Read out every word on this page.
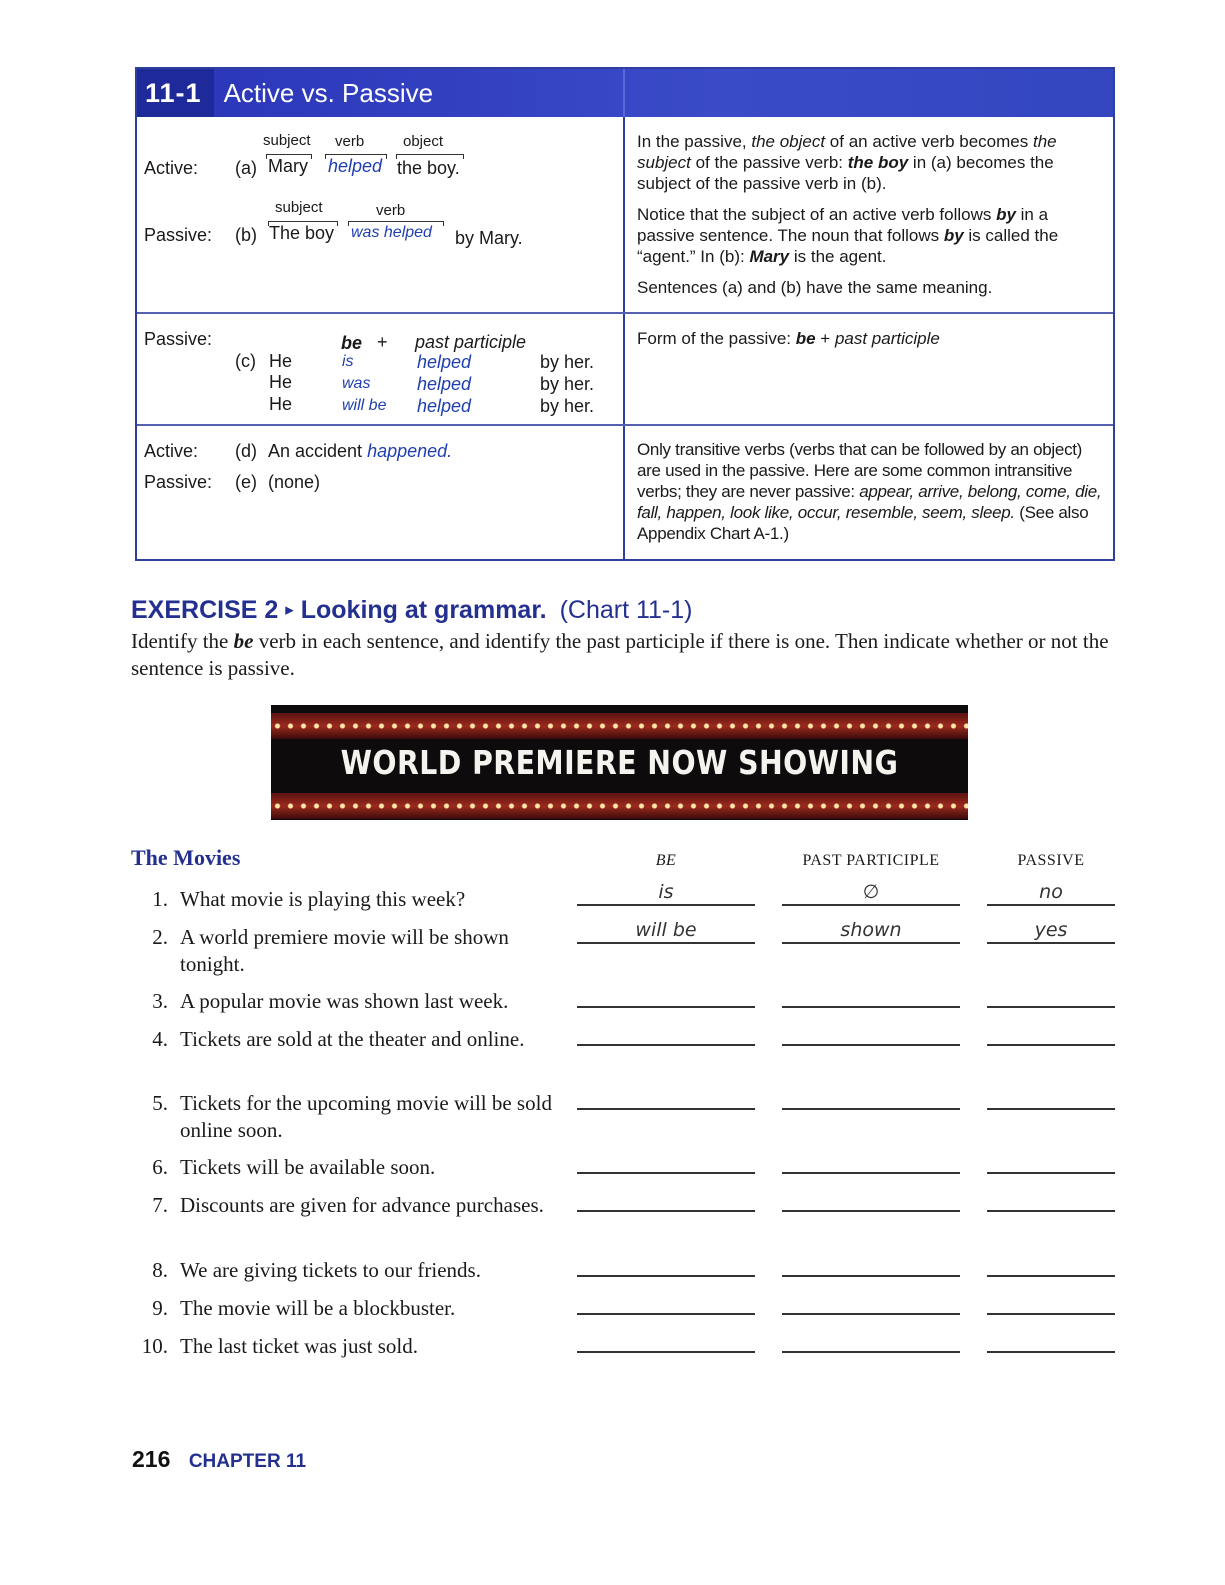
11-1 Active vs. Passive
subject verb	object
Active: (a) Mary helped the boy.
subject	verb
Passive: (b) The boy was helped by Mary.

In the passive, the object of an active verb becomes the subject of the passive verb: the boy in (a) becomes the subject of the passive verb in (b).

Notice that the subject of an active verb follows by in a passive sentence. The noun that follows by is called the “agent.” In (b): Mary is the agent.

Sentences (a) and (b) have the same meaning.

Passive:	be + past participle
(c) He	is	helped	by her.
He	was	helped	by her.
He	will be helped	by her.

Form of the passive: be + past participle

Active: (d) An accident happened.
Passive: (e) (none)

Only transitive verbs (verbs that can be followed by an object) are used in the passive. Here are some common intransitive verbs; they are never passive: appear, arrive, belong, come, die, fall, happen, look like, occur, resemble, seem, sleep. (See also Appendix Chart A-1.)

EXERCISE 2 ▸ Looking at grammar. (Chart 11-1)
Identify the be verb in each sentence, and identify the past participle if there is one. Then indicate whether or not the sentence is passive.
WORLD PREMIERE NOW SHOWING
The Movies	BE	PAST PARTICIPLE	PASSIVE
1. What movie is playing this week?	is	∅	no
2. A world premiere movie will be shown tonight.
will be	shown	yes
3. A popular movie was shown last week.
4. Tickets are sold at the theater and online.
5. Tickets for the upcoming movie will be sold online soon.
6. Tickets will be available soon.
7. Discounts are given for advance purchases.
8. We are giving tickets to our friends.
9. The movie will be a blockbuster.
10. The last ticket was just sold.
216 CHAPTER 11
